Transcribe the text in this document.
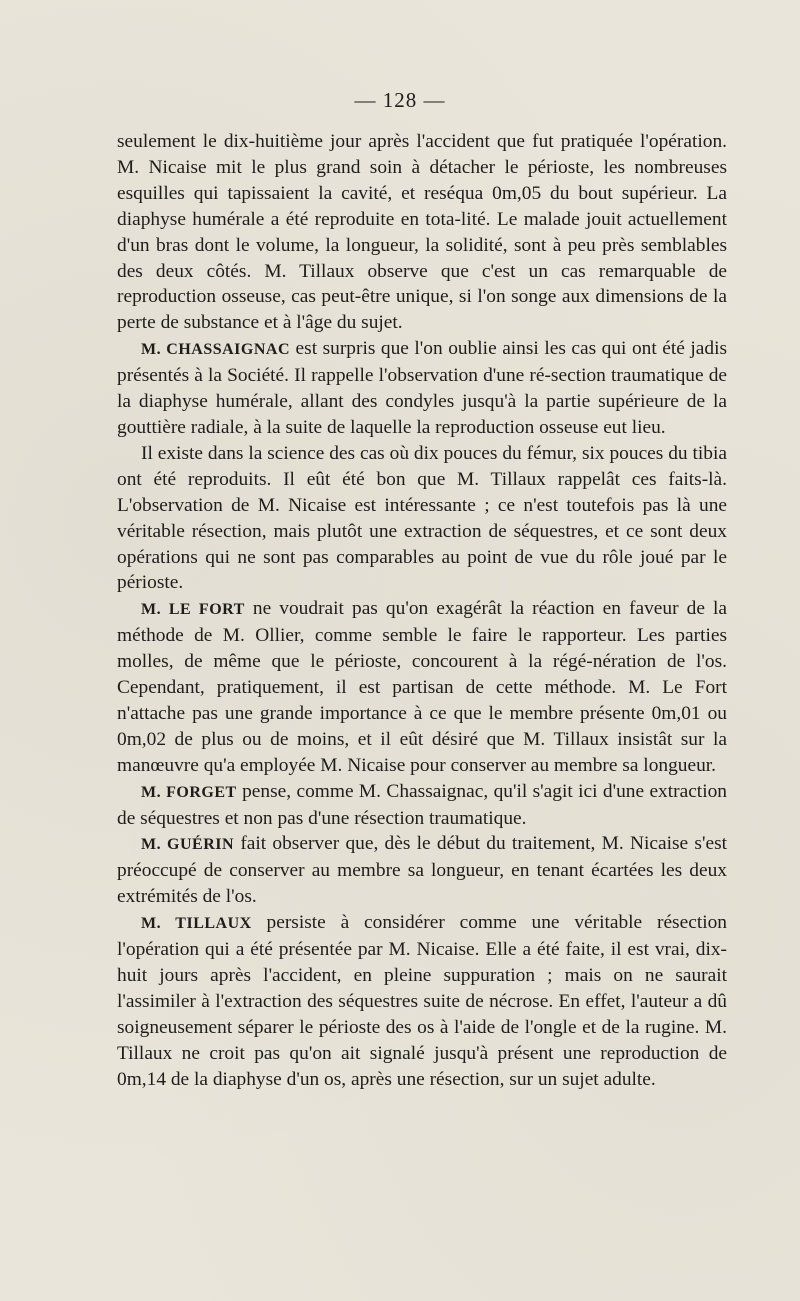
— 128 —

seulement le dix-huitième jour après l'accident que fut pratiquée l'opération. M. Nicaise mit le plus grand soin à détacher le périoste, les nombreuses esquilles qui tapissaient la cavité, et reséqua 0m,05 du bout supérieur. La diaphyse humérale a été reproduite en tota-lité. Le malade jouit actuellement d'un bras dont le volume, la longueur, la solidité, sont à peu près semblables des deux côtés. M. Tillaux observe que c'est un cas remarquable de reproduction osseuse, cas peut-être unique, si l'on songe aux dimensions de la perte de substance et à l'âge du sujet.

M. CHASSAIGNAC est surpris que l'on oublie ainsi les cas qui ont été jadis présentés à la Société. Il rappelle l'observation d'une ré-section traumatique de la diaphyse humérale, allant des condyles jusqu'à la partie supérieure de la gouttière radiale, à la suite de laquelle la reproduction osseuse eut lieu.

Il existe dans la science des cas où dix pouces du fémur, six pouces du tibia ont été reproduits. Il eût été bon que M. Tillaux rappelât ces faits-là. L'observation de M. Nicaise est intéressante ; ce n'est toutefois pas là une véritable résection, mais plutôt une extraction de séquestres, et ce sont deux opérations qui ne sont pas comparables au point de vue du rôle joué par le périoste.

M. LE FORT ne voudrait pas qu'on exagérât la réaction en faveur de la méthode de M. Ollier, comme semble le faire le rapporteur. Les parties molles, de même que le périoste, concourent à la régé-nération de l'os. Cependant, pratiquement, il est partisan de cette méthode. M. Le Fort n'attache pas une grande importance à ce que le membre présente 0m,01 ou 0m,02 de plus ou de moins, et il eût désiré que M. Tillaux insistât sur la manœuvre qu'a employée M. Nicaise pour conserver au membre sa longueur.

M. FORGET pense, comme M. Chassaignac, qu'il s'agit ici d'une extraction de séquestres et non pas d'une résection traumatique.

M. GUÉRIN fait observer que, dès le début du traitement, M. Nicaise s'est préoccupé de conserver au membre sa longueur, en tenant écartées les deux extrémités de l'os.

M. TILLAUX persiste à considérer comme une véritable résection l'opération qui a été présentée par M. Nicaise. Elle a été faite, il est vrai, dix-huit jours après l'accident, en pleine suppuration ; mais on ne saurait l'assimiler à l'extraction des séquestres suite de nécrose. En effet, l'auteur a dû soigneusement séparer le périoste des os à l'aide de l'ongle et de la rugine. M. Tillaux ne croit pas qu'on ait signalé jusqu'à présent une reproduction de 0m,14 de la diaphyse d'un os, après une résection, sur un sujet adulte.
